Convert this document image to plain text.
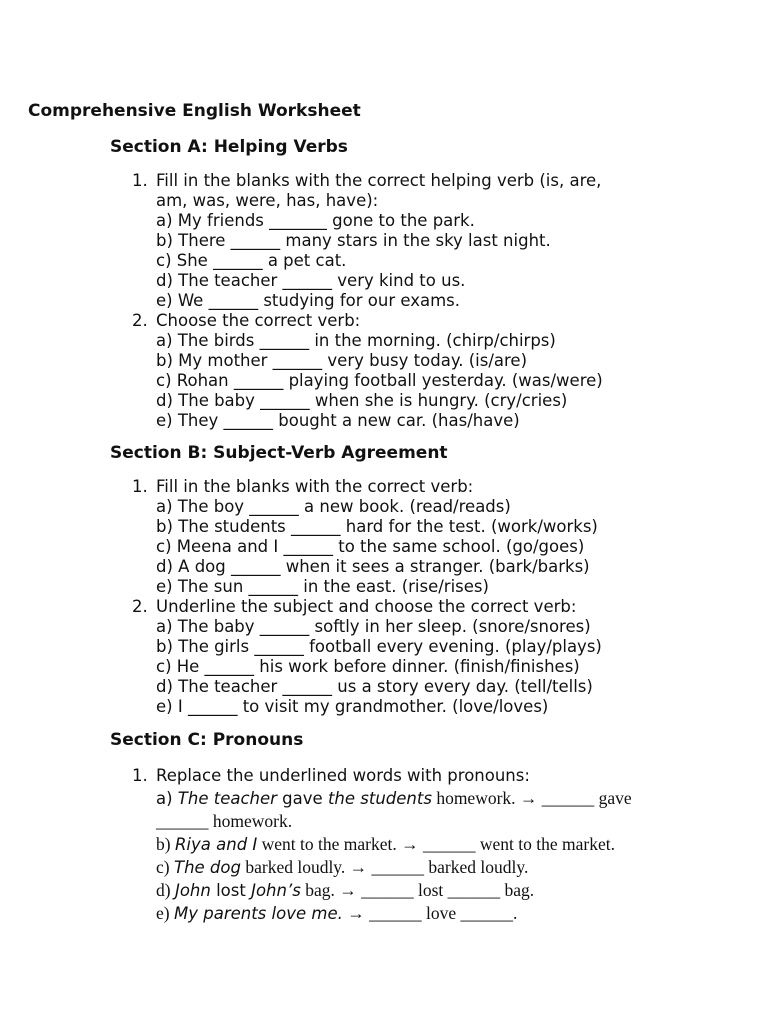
Comprehensive English Worksheet
Section A: Helping Verbs
1. Fill in the blanks with the correct helping verb (is, are,
am, was, were, has, have):
a) My friends _______ gone to the park.
b) There ______ many stars in the sky last night.
c) She ______ a pet cat.
d) The teacher ______ very kind to us.
e) We ______ studying for our exams.
2. Choose the correct verb:
a) The birds ______ in the morning. (chirp/chirps)
b) My mother ______ very busy today. (is/are)
c) Rohan ______ playing football yesterday. (was/were)
d) The baby ______ when she is hungry. (cry/cries)
e) They ______ bought a new car. (has/have)
Section B: Subject-Verb Agreement
1. Fill in the blanks with the correct verb:
a) The boy ______ a new book. (read/reads)
b) The students ______ hard for the test. (work/works)
c) Meena and I ______ to the same school. (go/goes)
d) A dog ______ when it sees a stranger. (bark/barks)
e) The sun ______ in the east. (rise/rises)
2. Underline the subject and choose the correct verb:
a) The baby ______ softly in her sleep. (snore/snores)
b) The girls ______ football every evening. (play/plays)
c) He ______ his work before dinner. (finish/finishes)
d) The teacher ______ us a story every day. (tell/tells)
e) I ______ to visit my grandmother. (love/loves)
Section C: Pronouns
1. Replace the underlined words with pronouns:
a) The teacher gave the students homework. → ______ gave
______ homework.
b) Riya and I went to the market. → ______ went to the market.
c) The dog barked loudly. → ______ barked loudly.
d) John lost John’s bag. → ______ lost ______ bag.
e) My parents love me. → ______ love ______.
